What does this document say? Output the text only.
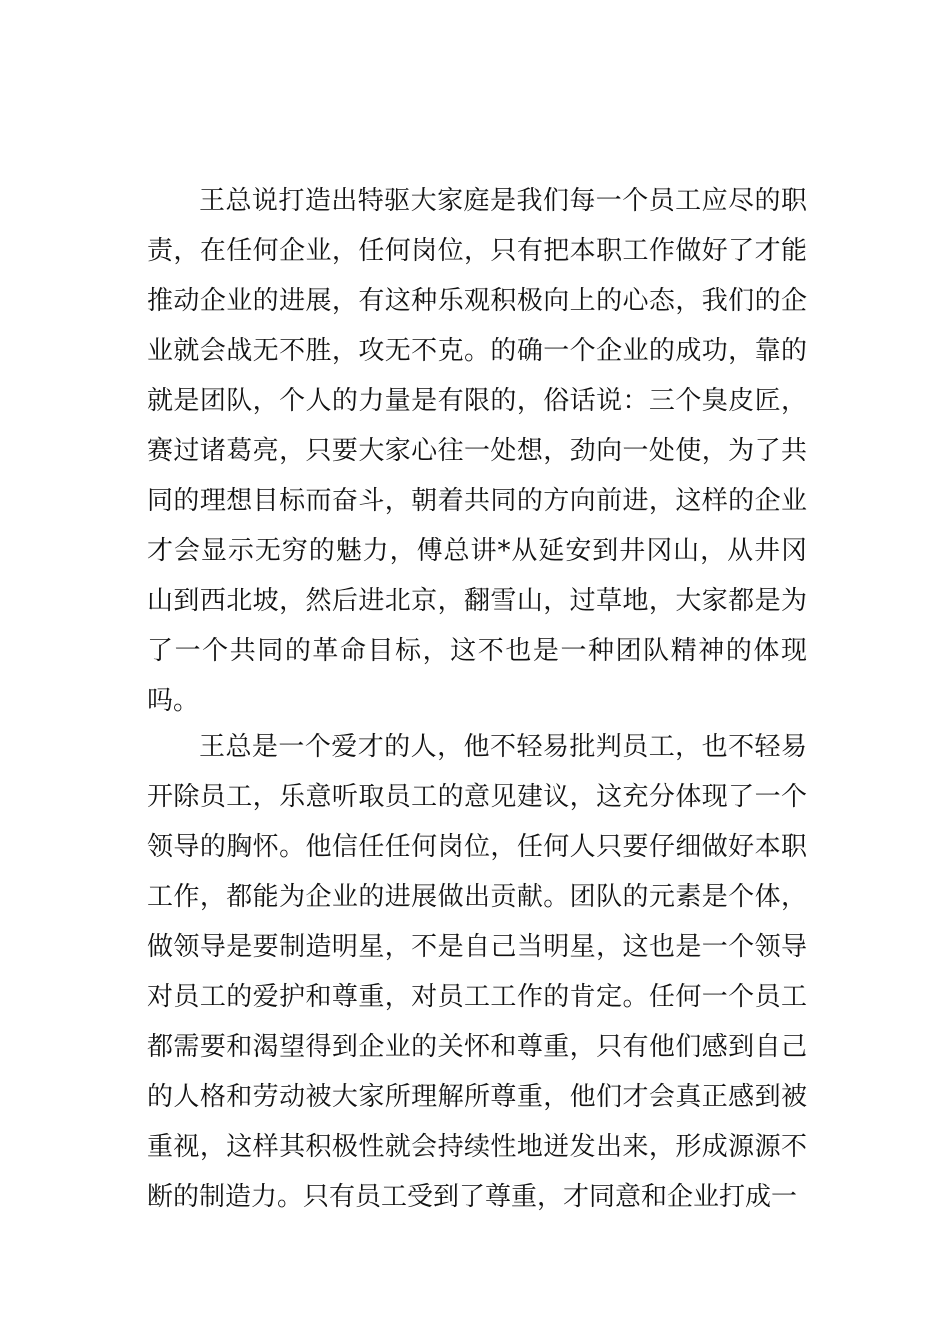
王总说打造出特驱大家庭是我们每一个员工应尽的职责，在任何企业，任何岗位，只有把本职工作做好了才能推动企业的进展，有这种乐观积极向上的心态，我们的企业就会战无不胜，攻无不克。的确一个企业的成功，靠的就是团队，个人的力量是有限的，俗话说：三个臭皮匠，赛过诸葛亮，只要大家心往一处想，劲向一处使，为了共同的理想目标而奋斗，朝着共同的方向前进，这样的企业才会显示无穷的魅力，傅总讲*从延安到井冈山，从井冈山到西北坡，然后进北京，翻雪山，过草地，大家都是为了一个共同的革命目标，这不也是一种团队精神的体现吗。

王总是一个爱才的人，他不轻易批判员工，也不轻易开除员工，乐意听取员工的意见建议，这充分体现了一个领导的胸怀。他信任任何岗位，任何人只要仔细做好本职工作，都能为企业的进展做出贡献。团队的元素是个体，做领导是要制造明星，不是自己当明星，这也是一个领导对员工的爱护和尊重，对员工工作的肯定。任何一个员工都需要和渴望得到企业的关怀和尊重，只有他们感到自己的人格和劳动被大家所理解所尊重，他们才会真正感到被重视，这样其积极性就会持续性地迸发出来，形成源源不断的制造力。只有员工受到了尊重，才同意和企业打成一
